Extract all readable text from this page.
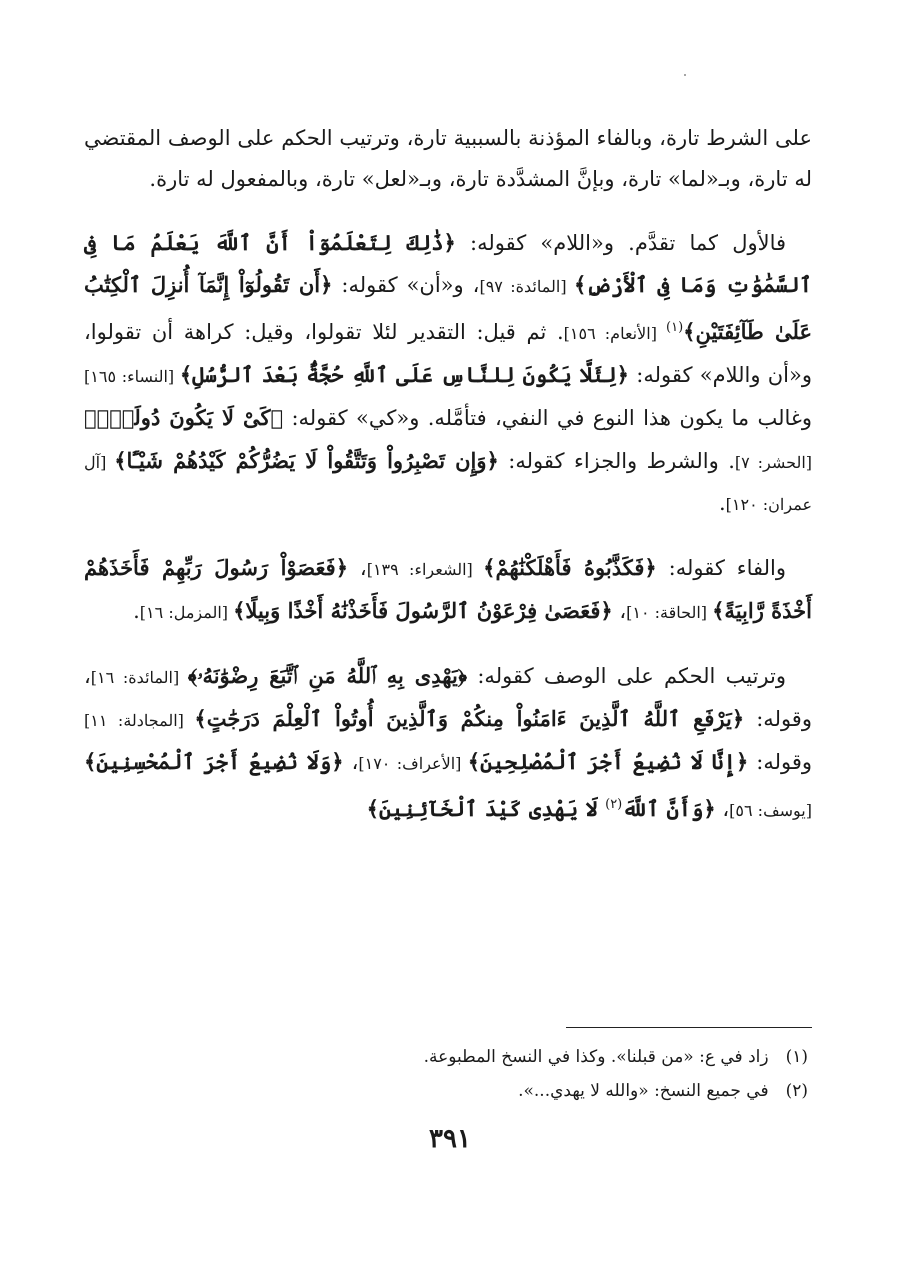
على الشرط تارة، وبالفاء المؤذنة بالسببية تارة، وترتيب الحكم على الوصف المقتضي له تارة، وبـ«لما» تارة، وبإنَّ المشدَّدة تارة، وبـ«لعل» تارة، وبالمفعول له تارة.

فالأول كما تقدَّم. و«اللام» كقوله: ﴿ذَٰلِكَ لِتَعْلَمُوٓاْ أَنَّ ٱللَّهَ يَعْلَمُ مَا فِى ٱلسَّمَٰوَٰتِ وَمَا فِى ٱلْأَرْضِ﴾ [المائدة: ٩٧]، و«أن» كقوله: ﴿أَن تَقُولُوٓاْ إِنَّمَآ أُنزِلَ ٱلْكِتَٰبُ عَلَىٰ طَآئِفَتَيْنِ﴾$^{(١)}$ [الأنعام: ١٥٦]. ثم قيل: التقدير لئلا تقولوا، وقيل: كراهة أن تقولوا، و«أن واللام» كقوله: ﴿لِئَلَّا يَكُونَ لِلنَّاسِ عَلَى ٱللَّهِ حُجَّةٌۢ بَعْدَ ٱلرُّسُلِ﴾ [النساء: ١٦٥] وغالب ما يكون هذا النوع في النفي، فتأمَّله. و«كي» كقوله: ﴿كَىْ لَا يَكُونَ دُولَةًۢ﴾ [الحشر: ٧]. والشرط والجزاء كقوله: ﴿وَإِن تَصْبِرُواْ وَتَتَّقُواْ لَا يَضُرُّكُمْ كَيْدُهُمْ شَيْـًٔا﴾ [آل عمران: ١٢٠].

والفاء كقوله: ﴿فَكَذَّبُوهُ فَأَهْلَكْنَٰهُمْ﴾ [الشعراء: ١٣٩]، ﴿فَعَصَوْاْ رَسُولَ رَبِّهِمْ فَأَخَذَهُمْ أَخْذَةً رَّابِيَةً﴾ [الحاقة: ١٠]، ﴿فَعَصَىٰ فِرْعَوْنُ ٱلرَّسُولَ فَأَخَذْنَٰهُ أَخْذًا وَبِيلًا﴾ [المزمل: ١٦].

وترتيب الحكم على الوصف كقوله: ﴿يَهْدِى بِهِ ٱللَّهُ مَنِ ٱتَّبَعَ رِضْوَٰنَهُۥ﴾ [المائدة: ١٦]، وقوله: ﴿يَرْفَعِ ٱللَّهُ ٱلَّذِينَ ءَامَنُواْ مِنكُمْ وَٱلَّذِينَ أُوتُواْ ٱلْعِلْمَ دَرَجَٰتٍ﴾ [المجادلة: ١١] وقوله: ﴿إِنَّا لَا نُضِيعُ أَجْرَ ٱلْمُصْلِحِينَ﴾ [الأعراف: ١٧٠]، ﴿وَلَا نُضِيعُ أَجْرَ ٱلْمُحْسِنِينَ﴾ [يوسف: ٥٦]، ﴿وَأَنَّ ٱللَّهَ$^{(٢)}$ لَا يَهْدِى كَيْدَ ٱلْخَآئِنِينَ﴾

(١) زاد في ع: «من قبلنا». وكذا في النسخ المطبوعة.

(٢) في جميع النسخ: «والله لا يهدي...».

٣٩١
